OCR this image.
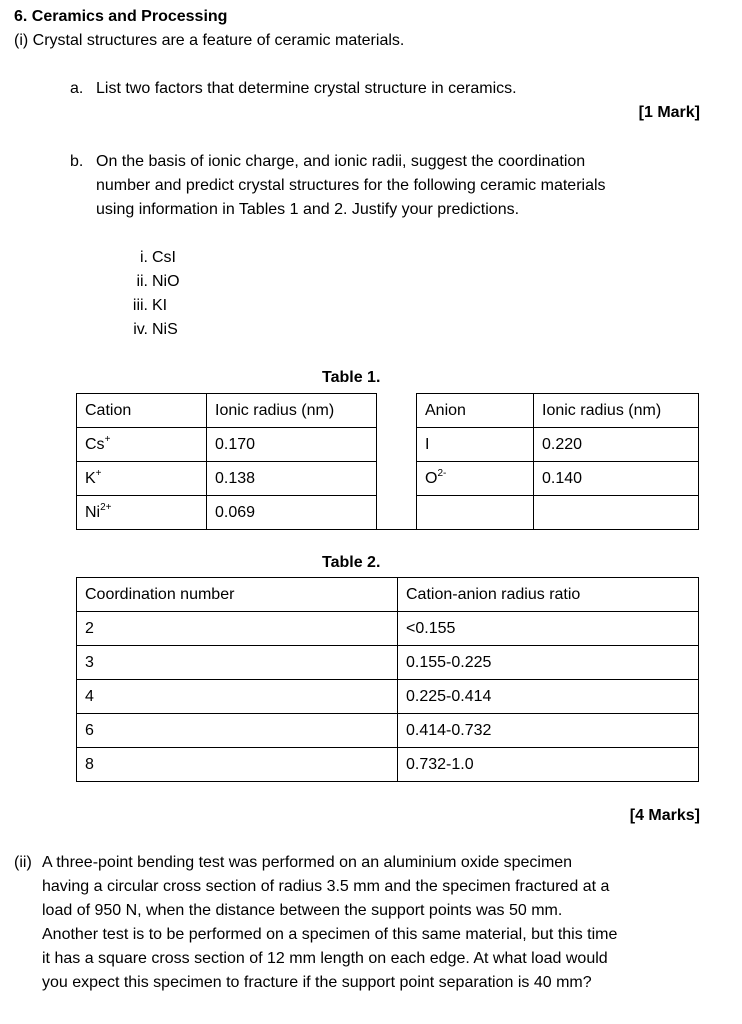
6. Ceramics and Processing
(i) Crystal structures are a feature of ceramic materials.
a. List two factors that determine crystal structure in ceramics.
[1 Mark]
b. On the basis of ionic charge, and ionic radii, suggest the coordination
number and predict crystal structures for the following ceramic materials
using information in Tables 1 and 2. Justify your predictions.
i. CsI
ii. NiO
iii. KI
iv. NiS
Table 1.
Cation	Ionic radius (nm)		Anion	Ionic radius (nm)
Cs+	0.170		I	0.220
K+	0.138		$O^{2-}$	0.140
$Ni^{2+}$	0.069			
Table 2.
Coordination number	Cation-anion radius ratio
2	<0.155
3	0.155-0.225
4	0.225-0.414
6	0.414-0.732
8	0.732-1.0
[4 Marks]
(ii) A three-point bending test was performed on an aluminium oxide specimen
having a circular cross section of radius 3.5 mm and the specimen fractured at a
load of 950 N, when the distance between the support points was 50 mm.
Another test is to be performed on a specimen of this same material, but this time
it has a square cross section of 12 mm length on each edge. At what load would
you expect this specimen to fracture if the support point separation is 40 mm?
